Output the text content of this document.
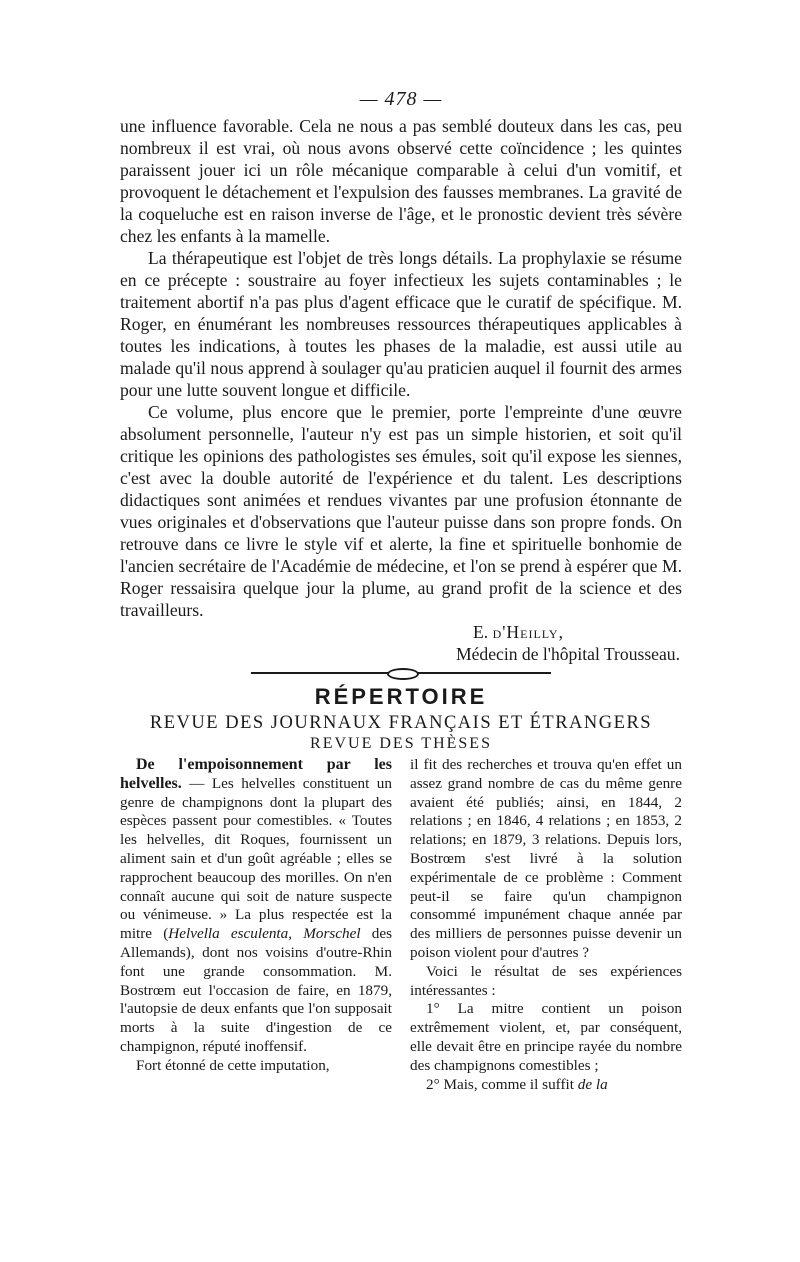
— 478 —

une influence favorable. Cela ne nous a pas semblé douteux dans les cas, peu nombreux il est vrai, où nous avons observé cette coïncidence ; les quintes paraissent jouer ici un rôle mécanique comparable à celui d'un vomitif, et provoquent le détachement et l'expulsion des fausses membranes. La gravité de la coqueluche est en raison inverse de l'âge, et le pronostic devient très sévère chez les enfants à la mamelle.

La thérapeutique est l'objet de très longs détails. La prophylaxie se résume en ce précepte : soustraire au foyer infectieux les sujets contaminables ; le traitement abortif n'a pas plus d'agent efficace que le curatif de spécifique. M. Roger, en énumérant les nombreuses ressources thérapeutiques applicables à toutes les indications, à toutes les phases de la maladie, est aussi utile au malade qu'il nous apprend à soulager qu'au praticien auquel il fournit des armes pour une lutte souvent longue et difficile.

Ce volume, plus encore que le premier, porte l'empreinte d'une œuvre absolument personnelle, l'auteur n'y est pas un simple historien, et soit qu'il critique les opinions des pathologistes ses émules, soit qu'il expose les siennes, c'est avec la double autorité de l'expérience et du talent. Les descriptions didactiques sont animées et rendues vivantes par une profusion étonnante de vues originales et d'observations que l'auteur puisse dans son propre fonds. On retrouve dans ce livre le style vif et alerte, la fine et spirituelle bonhomie de l'ancien secrétaire de l'Académie de médecine, et l'on se prend à espérer que M. Roger ressaisira quelque jour la plume, au grand profit de la science et des travailleurs.

E. d'Heilly,
Médecin de l'hôpital Trousseau.
RÉPERTOIRE
REVUE DES JOURNAUX FRANÇAIS ET ÉTRANGERS
REVUE DES THÈSES

De l'empoisonnement par les helvelles. — Les helvelles constituent un genre de champignons dont la plupart des espèces passent pour comestibles. « Toutes les helvelles, dit Roques, fournissent un aliment sain et d'un goût agréable ; elles se rapprochent beaucoup des morilles. On n'en connaît aucune qui soit de nature suspecte ou vénimeuse. » La plus respectée est la mitre (Helvella esculenta, Morschel des Allemands), dont nos voisins d'outre-Rhin font une grande consommation. M. Bostrœm eut l'occasion de faire, en 1879, l'autopsie de deux enfants que l'on supposait morts à la suite d'ingestion de ce champignon, réputé inoffensif.

Fort étonné de cette imputation,

il fit des recherches et trouva qu'en effet un assez grand nombre de cas du même genre avaient été publiés; ainsi, en 1844, 2 relations ; en 1846, 4 relations ; en 1853, 2 relations; en 1879, 3 relations. Depuis lors, Bostrœm s'est livré à la solution expérimentale de ce problème : Comment peut-il se faire qu'un champignon consommé impunément chaque année par des milliers de personnes puisse devenir un poison violent pour d'autres ?

Voici le résultat de ses expériences intéressantes :

1° La mitre contient un poison extrêmement violent, et, par conséquent, elle devait être en principe rayée du nombre des champignons comestibles ;

2° Mais, comme il suffit de la
